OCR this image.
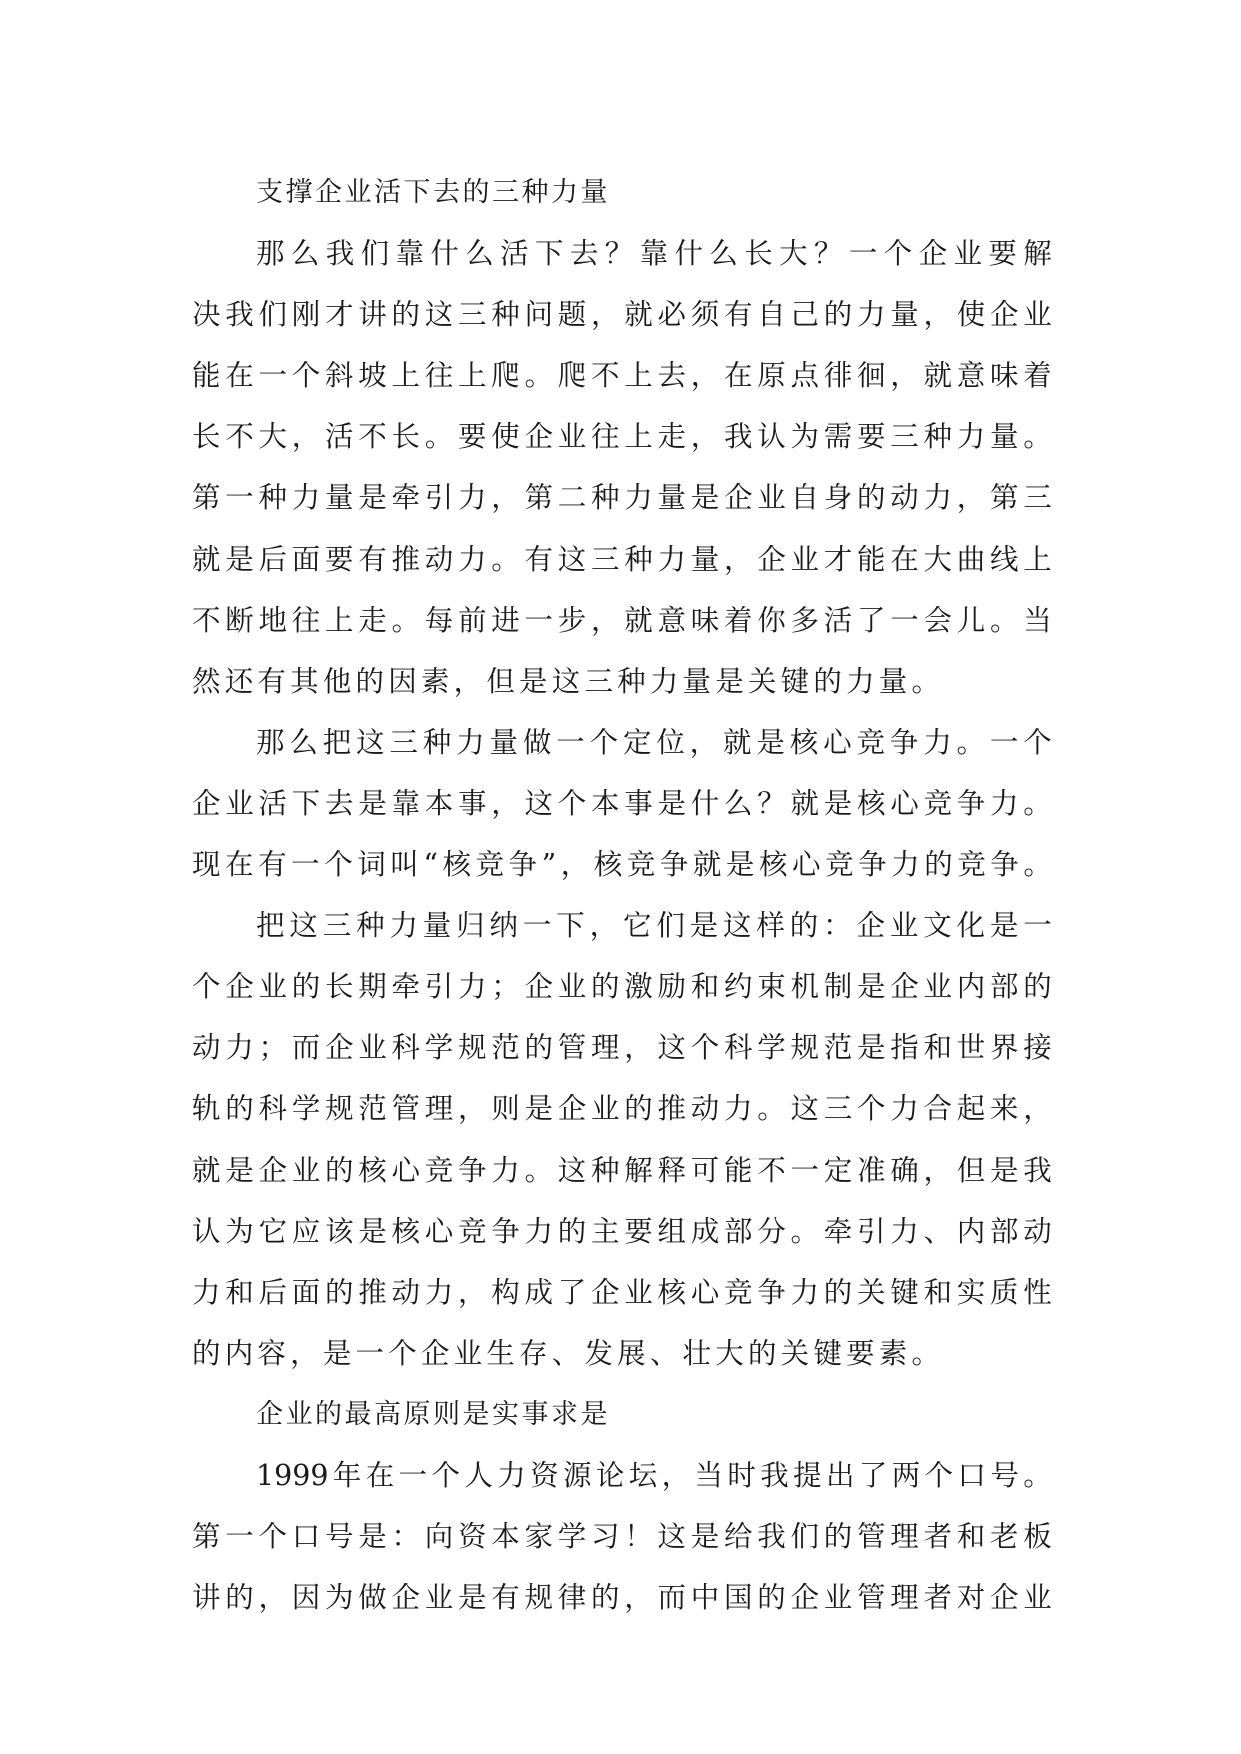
支撑企业活下去的三种力量
那 么 我 们 靠 什 么 活 下 去 ？ 靠 什 么 长 大 ？ 一 个 企 业 要 解
决 我 们 刚 才 讲 的 这 三 种 问 题 ， 就 必 须 有 自 己 的 力 量 ， 使 企 业
能 在 一 个 斜 坡 上 往 上 爬 。 爬 不 上 去 ， 在 原 点 徘 徊 ， 就 意 味 着
长 不 大 ， 活 不 长 。 要 使 企 业 往 上 走 ， 我 认 为 需 要 三 种 力 量 。
第 一 种 力 量 是 牵 引 力 ， 第 二 种 力 量 是 企 业 自 身 的 动 力 ， 第 三
就 是 后 面 要 有 推 动 力 。 有 这 三 种 力 量 ， 企 业 才 能 在 大 曲 线 上
不 断 地 往 上 走 。 每 前 进 一 步 ， 就 意 味 着 你 多 活 了 一 会 儿 。 当
然 还 有 其 他 的 因 素 ， 但 是 这 三 种 力 量 是 关 键 的 力 量 。
那 么 把 这 三 种 力 量 做 一 个 定 位 ， 就 是 核 心 竞 争 力 。 一 个
企 业 活 下 去 是 靠 本 事 ， 这 个 本 事 是 什 么 ？ 就 是 核 心 竞 争 力 。
现 在 有 一 个 词 叫 “ 核 竞 争 ” ， 核 竞 争 就 是 核 心 竞 争 力 的 竞 争 。
把 这 三 种 力 量 归 纳 一 下 ， 它 们 是 这 样 的 ： 企 业 文 化 是 一
个 企 业 的 长 期 牵 引 力 ； 企 业 的 激 励 和 约 束 机 制 是 企 业 内 部 的
动 力 ； 而 企 业 科 学 规 范 的 管 理 ， 这 个 科 学 规 范 是 指 和 世 界 接
轨 的 科 学 规 范 管 理 ， 则 是 企 业 的 推 动 力 。 这 三 个 力 合 起 来 ，
就 是 企 业 的 核 心 竞 争 力 。 这 种 解 释 可 能 不 一 定 准 确 ， 但 是 我
认 为 它 应 该 是 核 心 竞 争 力 的 主 要 组 成 部 分 。 牵 引 力 、 内 部 动
力 和 后 面 的 推 动 力 ， 构 成 了 企 业 核 心 竞 争 力 的 关 键 和 实 质 性
的 内 容 ， 是 一 个 企 业 生 存 、 发 展 、 壮 大 的 关 键 要 素 。
企业的最高原则是实事求是
1999 年 在 一 个 人 力 资 源 论 坛 ， 当 时 我 提 出 了 两 个 口 号 。
第 一 个 口 号 是 ： 向 资 本 家 学 习 ！ 这 是 给 我 们 的 管 理 者 和 老 板
讲 的 ， 因 为 做 企 业 是 有 规 律 的 ， 而 中 国 的 企 业 管 理 者 对 企 业
